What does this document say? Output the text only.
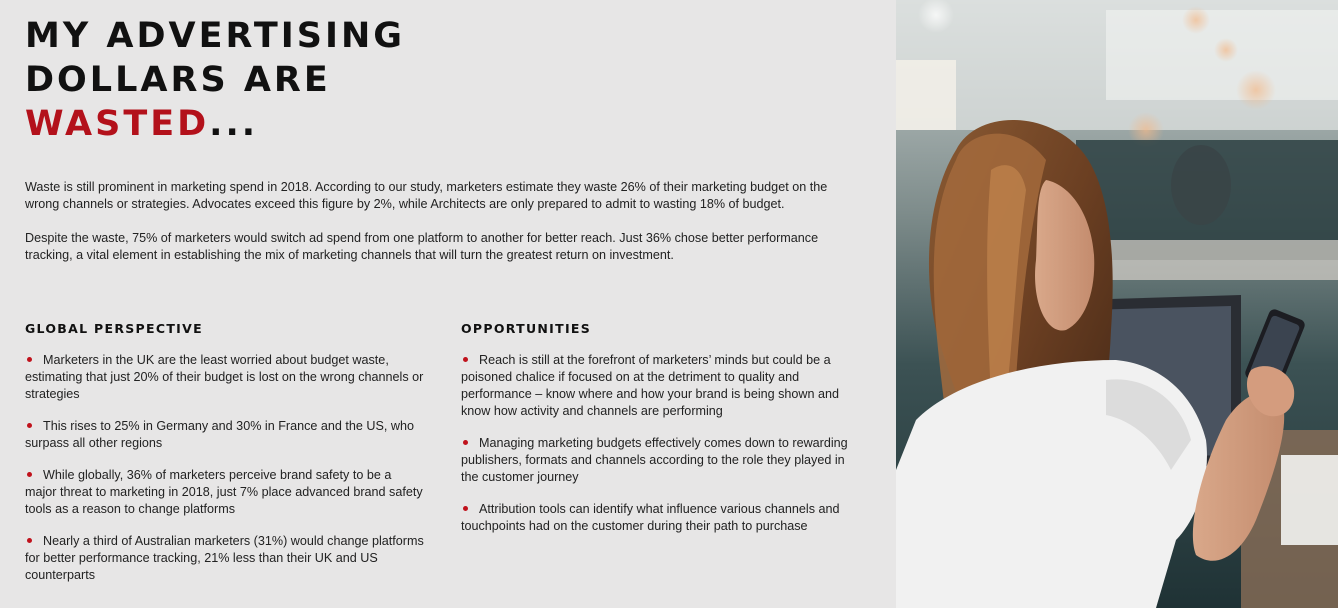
MY ADVERTISING
DOLLARS ARE
WASTED...

Waste is still prominent in marketing spend in 2018. According to our study, marketers estimate they waste 26% of their marketing budget on the wrong channels or strategies. Advocates exceed this figure by 2%, while Architects are only prepared to admit to wasting 18% of budget.

Despite the waste, 75% of marketers would switch ad spend from one platform to another for better reach. Just 36% chose better performance tracking, a vital element in establishing the mix of marketing channels that will turn the greatest return on investment.

GLOBAL PERSPECTIVE
Marketers in the UK are the least worried about budget waste, estimating that just 20% of their budget is lost on the wrong channels or strategies
This rises to 25% in Germany and 30% in France and the US, who surpass all other regions
While globally, 36% of marketers perceive brand safety to be a major threat to marketing in 2018, just 7% place advanced brand safety tools as a reason to change platforms
Nearly a third of Australian marketers (31%) would change platforms for better performance tracking, 21% less than their UK and US counterparts
OPPORTUNITIES
Reach is still at the forefront of marketers’ minds but could be a poisoned chalice if focused on at the detriment to quality and performance – know where and how your brand is being shown and know how activity and channels are performing
Managing marketing budgets effectively comes down to rewarding publishers, formats and channels according to the role they played in the customer journey
Attribution tools can identify what influence various channels and touchpoints had on the customer during their path to purchase
